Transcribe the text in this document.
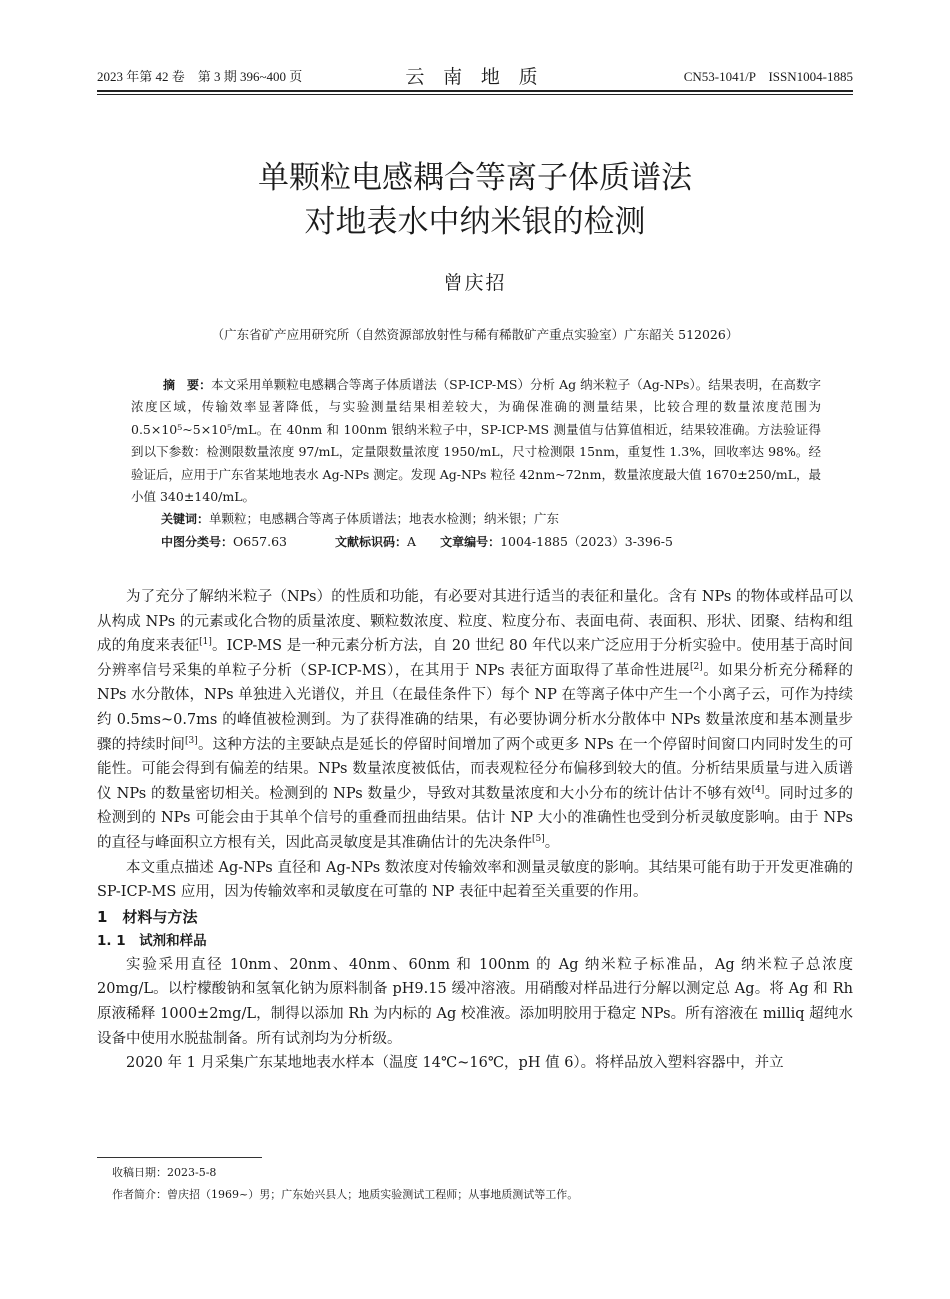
2023 年第 42 卷　第 3 期 396~400 页	云 南 地 质	CN53-1041/P　ISSN1004-1885
单颗粒电感耦合等离子体质谱法
对地表水中纳米银的检测
曾庆招
（广东省矿产应用研究所（自然资源部放射性与稀有稀散矿产重点实验室）广东韶关 512026）

摘　要：本文采用单颗粒电感耦合等离子体质谱法（SP-ICP-MS）分析 Ag 纳米粒子（Ag-NPs）。结果表明，在高数字浓度区域，传输效率显著降低，与实验测量结果相差较大，为确保准确的测量结果，比较合理的数量浓度范围为 0.5×10⁵~5×10⁵/mL。在 40nm 和 100nm 银纳米粒子中，SP-ICP-MS 测量值与估算值相近，结果较准确。方法验证得到以下参数：检测限数量浓度 97/mL，定量限数量浓度 1950/mL，尺寸检测限 15nm，重复性 1.3%，回收率达 98%。经验证后，应用于广东省某地地表水 Ag-NPs 测定。发现 Ag-NPs 粒径 42nm~72nm，数量浓度最大值 1670±250/mL，最小值 340±140/mL。

关键词：单颗粒；电感耦合等离子体质谱法；地表水检测；纳米银；广东

中图分类号：O657.63	文献标识码：A 文章编号：1004-1885（2023）3-396-5

为了充分了解纳米粒子（NPs）的性质和功能，有必要对其进行适当的表征和量化。含有 NPs 的物体或样品可以从构成 NPs 的元素或化合物的质量浓度、颗粒数浓度、粒度、粒度分布、表面电荷、表面积、形状、团聚、结构和组成的角度来表征[1]。ICP-MS 是一种元素分析方法，自 20 世纪 80 年代以来广泛应用于分析实验中。使用基于高时间分辨率信号采集的单粒子分析（SP-ICP-MS），在其用于 NPs 表征方面取得了革命性进展[2]。如果分析充分稀释的 NPs 水分散体，NPs 单独进入光谱仪，并且（在最佳条件下）每个 NP 在等离子体中产生一个小离子云，可作为持续约 0.5ms~0.7ms 的峰值被检测到。为了获得准确的结果，有必要协调分析水分散体中 NPs 数量浓度和基本测量步骤的持续时间[3]。这种方法的主要缺点是延长的停留时间增加了两个或更多 NPs 在一个停留时间窗口内同时发生的可能性。可能会得到有偏差的结果。NPs 数量浓度被低估，而表观粒径分布偏移到较大的值。分析结果质量与进入质谱仪 NPs 的数量密切相关。检测到的 NPs 数量少，导致对其数量浓度和大小分布的统计估计不够有效[4]。同时过多的检测到的 NPs 可能会由于其单个信号的重叠而扭曲结果。估计 NP 大小的准确性也受到分析灵敏度影响。由于 NPs 的直径与峰面积立方根有关，因此高灵敏度是其准确估计的先决条件[5]。

本文重点描述 Ag-NPs 直径和 Ag-NPs 数浓度对传输效率和测量灵敏度的影响。其结果可能有助于开发更准确的 SP-ICP-MS 应用，因为传输效率和灵敏度在可靠的 NP 表征中起着至关重要的作用。

1　材料与方法

1. 1　试剂和样品

实验采用直径 10nm、20nm、40nm、60nm 和 100nm 的 Ag 纳米粒子标准品，Ag 纳米粒子总浓度 20mg/L。以柠檬酸钠和氢氧化钠为原料制备 pH9.15 缓冲溶液。用硝酸对样品进行分解以测定总 Ag。将 Ag 和 Rh 原液稀释 1000±2mg/L，制得以添加 Rh 为内标的 Ag 校准液。添加明胶用于稳定 NPs。所有溶液在 milliq 超纯水设备中使用水脱盐制备。所有试剂均为分析级。

2020 年 1 月采集广东某地地表水样本（温度 14℃~16℃，pH 值 6）。将样品放入塑料容器中，并立

收稿日期：2023-5-8
作者简介：曾庆招（1969~）男；广东始兴县人；地质实验测试工程师；从事地质测试等工作。
